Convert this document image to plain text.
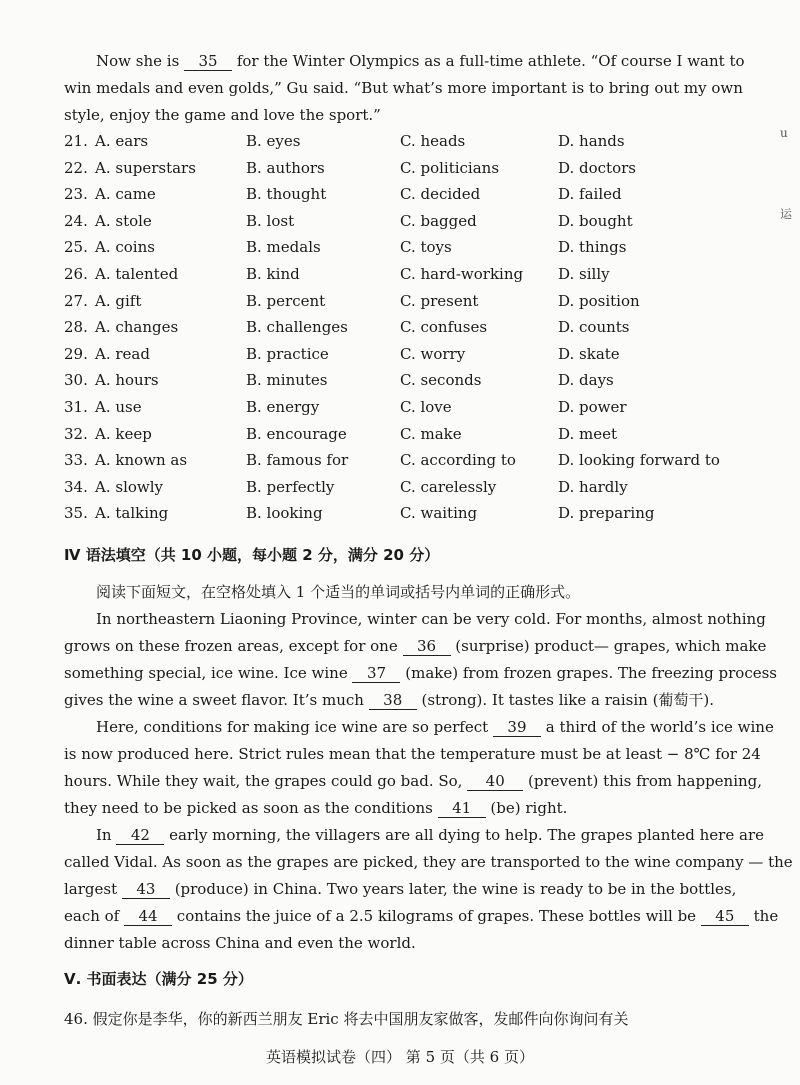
Now she is 35 for the Winter Olympics as a full-time athlete. “Of course I want to
win medals and even golds,” Gu said. “But what’s more important is to bring out my own
style, enjoy the game and love the sport.”
21. A. ears	B. eyes	C. heads	D. hands
22. A. superstars	B. authors	C. politicians	D. doctors
23. A. came	B. thought	C. decided	D. failed
24. A. stole	B. lost	C. bagged	D. bought
25. A. coins	B. medals	C. toys	D. things
26. A. talented	B. kind	C. hard-working D. silly
27. A. gift	B. percent	C. present	D. position
28. A. changes	B. challenges	C. confuses	D. counts
29. A. read	B. practice	C. worry	D. skate
30. A. hours	B. minutes	C. seconds	D. days
31. A. use	B. energy	C. love	D. power
32. A. keep	B. encourage	C. make	D. meet
33. A. known as	B. famous for	C. according to	D. looking forward to
34. A. slowly	B. perfectly	C. carelessly	D. hardly
35. A. talking	B. looking	C. waiting	D. preparing
Ⅳ 语法填空（共 10 小题，每小题 2 分，满分 20 分）
阅读下面短文，在空格处填入 1 个适当的单词或括号内单词的正确形式。
In northeastern Liaoning Province, winter can be very cold. For months, almost nothing
grows on these frozen areas, except for one 36 (surprise) product— grapes, which make
something special, ice wine. Ice wine 37 (make) from frozen grapes. The freezing process
gives the wine a sweet flavor. It’s much 38 (strong). It tastes like a raisin (葡萄干).
Here, conditions for making ice wine are so perfect 39 a third of the world’s ice wine
is now produced here. Strict rules mean that the temperature must be at least − 8℃ for 24
hours. While they wait, the grapes could go bad. So, 40 (prevent) this from happening,
they need to be picked as soon as the conditions 41 (be) right.
In 42 early morning, the villagers are all dying to help. The grapes planted here are
called Vidal. As soon as the grapes are picked, they are transported to the wine company — the
largest 43 (produce) in China. Two years later, the wine is ready to be in the bottles,
each of 44 contains the juice of a 2.5 kilograms of grapes. These bottles will be 45 the
dinner table across China and even the world.
Ⅴ. 书面表达（满分 25 分）
46. 假定你是李华，你的新西兰朋友 Eric 将去中国朋友家做客，发邮件向你询问有关
英语模拟试卷（四） 第 5 页（共 6 页）
u
运
